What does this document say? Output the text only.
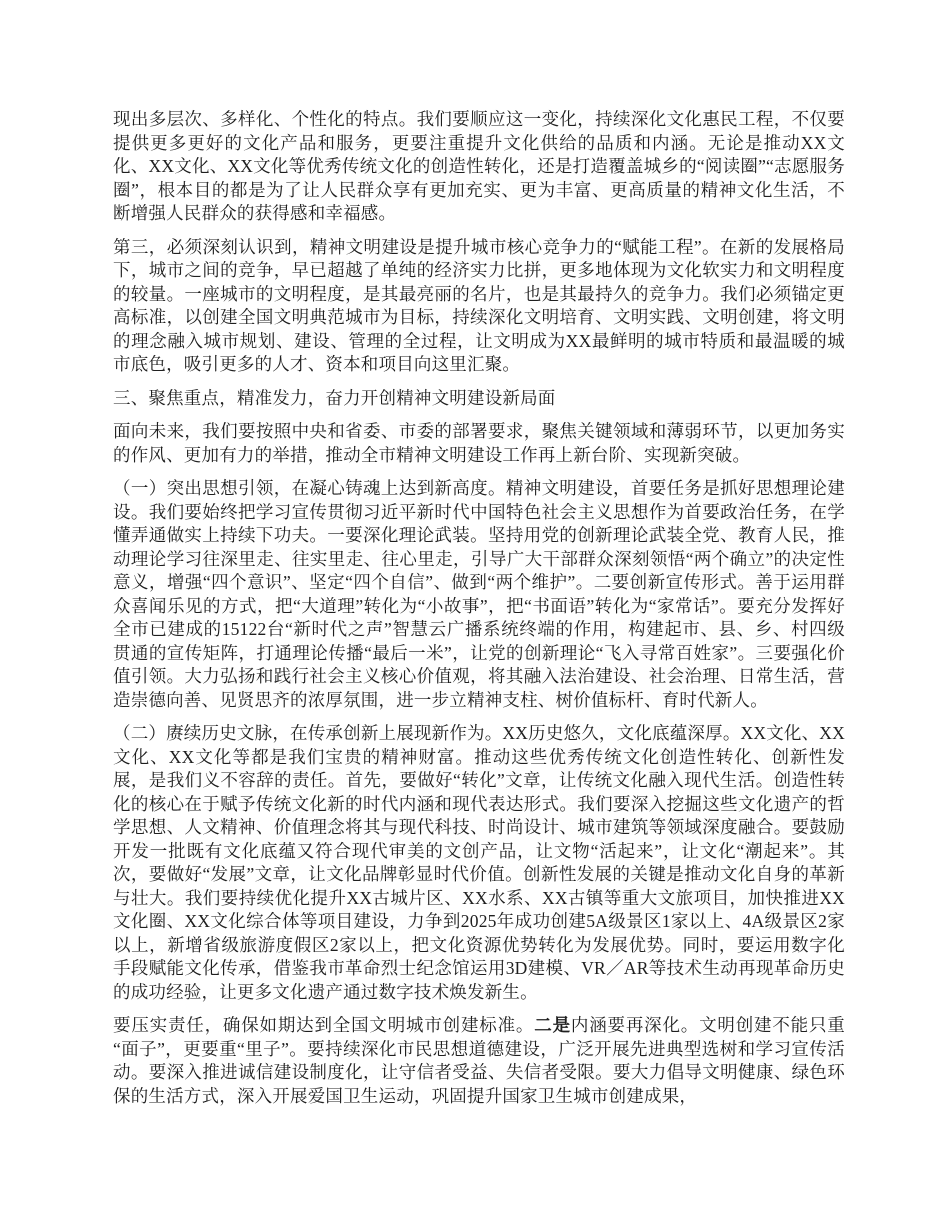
现出多层次、多样化、个性化的特点。我们要顺应这一变化，持续深化文化惠民工程，不仅要提供更多更好的文化产品和服务，更要注重提升文化供给的品质和内涵。无论是推动XX文化、XX文化、XX文化等优秀传统文化的创造性转化，还是打造覆盖城乡的“阅读圈”“志愿服务圈”，根本目的都是为了让人民群众享有更加充实、更为丰富、更高质量的精神文化生活，不断增强人民群众的获得感和幸福感。

第三，必须深刻认识到，精神文明建设是提升城市核心竞争力的“赋能工程”。在新的发展格局下，城市之间的竞争，早已超越了单纯的经济实力比拼，更多地体现为文化软实力和文明程度的较量。一座城市的文明程度，是其最亮丽的名片，也是其最持久的竞争力。我们必须锚定更高标准，以创建全国文明典范城市为目标，持续深化文明培育、文明实践、文明创建，将文明的理念融入城市规划、建设、管理的全过程，让文明成为XX最鲜明的城市特质和最温暖的城市底色，吸引更多的人才、资本和项目向这里汇聚。

三、聚焦重点，精准发力，奋力开创精神文明建设新局面

面向未来，我们要按照中央和省委、市委的部署要求，聚焦关键领域和薄弱环节，以更加务实的作风、更加有力的举措，推动全市精神文明建设工作再上新台阶、实现新突破。

（一）突出思想引领，在凝心铸魂上达到新高度。精神文明建设，首要任务是抓好思想理论建设。我们要始终把学习宣传贯彻习近平新时代中国特色社会主义思想作为首要政治任务，在学懂弄通做实上持续下功夫。一要深化理论武装。坚持用党的创新理论武装全党、教育人民，推动理论学习往深里走、往实里走、往心里走，引导广大干部群众深刻领悟“两个确立”的决定性意义，增强“四个意识”、坚定“四个自信”、做到“两个维护”。二要创新宣传形式。善于运用群众喜闻乐见的方式，把“大道理”转化为“小故事”，把“书面语”转化为“家常话”。要充分发挥好全市已建成的15122台“新时代之声”智慧云广播系统终端的作用，构建起市、县、乡、村四级贯通的宣传矩阵，打通理论传播“最后一米”，让党的创新理论“飞入寻常百姓家”。三要强化价值引领。大力弘扬和践行社会主义核心价值观，将其融入法治建设、社会治理、日常生活，营造崇德向善、见贤思齐的浓厚氛围，进一步立精神支柱、树价值标杆、育时代新人。

（二）赓续历史文脉，在传承创新上展现新作为。XX历史悠久，文化底蕴深厚。XX文化、XX文化、XX文化等都是我们宝贵的精神财富。推动这些优秀传统文化创造性转化、创新性发展，是我们义不容辞的责任。首先，要做好“转化”文章，让传统文化融入现代生活。创造性转化的核心在于赋予传统文化新的时代内涵和现代表达形式。我们要深入挖掘这些文化遗产的哲学思想、人文精神、价值理念将其与现代科技、时尚设计、城市建筑等领域深度融合。要鼓励开发一批既有文化底蕴又符合现代审美的文创产品，让文物“活起来”，让文化“潮起来”。其次，要做好“发展”文章，让文化品牌彰显时代价值。创新性发展的关键是推动文化自身的革新与壮大。我们要持续优化提升XX古城片区、XX水系、XX古镇等重大文旅项目，加快推进XX文化圈、XX文化综合体等项目建设，力争到2025年成功创建5A级景区1家以上、4A级景区2家以上，新增省级旅游度假区2家以上，把文化资源优势转化为发展优势。同时，要运用数字化手段赋能文化传承，借鉴我市革命烈士纪念馆运用3D建模、VR／AR等技术生动再现革命历史的成功经验，让更多文化遗产通过数字技术焕发新生。

要压实责任，确保如期达到全国文明城市创建标准。二是内涵要再深化。文明创建不能只重“面子”，更要重“里子”。要持续深化市民思想道德建设，广泛开展先进典型选树和学习宣传活动。要深入推进诚信建设制度化，让守信者受益、失信者受限。要大力倡导文明健康、绿色环保的生活方式，深入开展爱国卫生运动，巩固提升国家卫生城市创建成果，
